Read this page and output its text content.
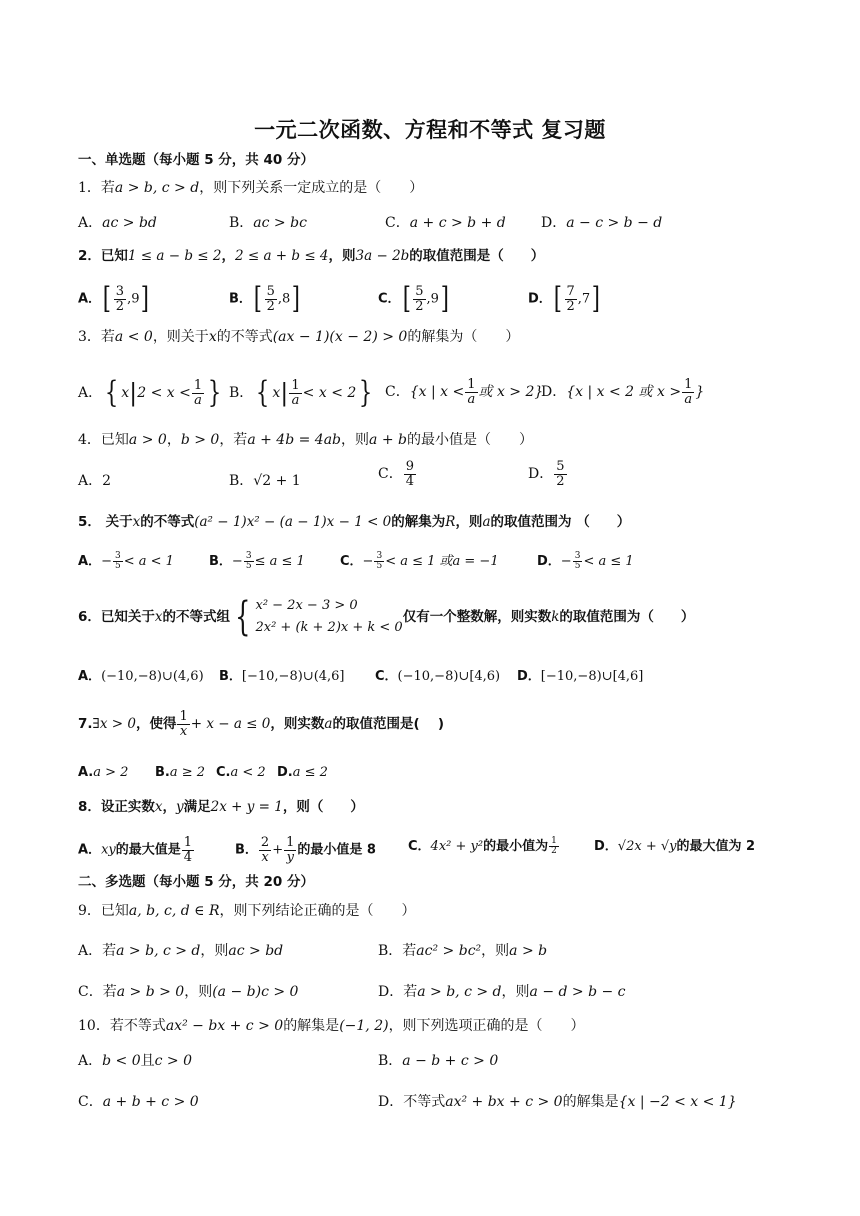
一元二次函数、方程和不等式 复习题
一、单选题（每小题 5 分，共 40 分）
1．若a > b, c > d，则下列关系一定成立的是（　　）
A．ac > bd	B．ac > bc	C．a + c > b + d	D．a − c > b − d
2．已知1 ≤ a − b ≤ 2，2 ≤ a + b ≤ 4，则3a − 2b的取值范围是（　　）
A．[ $\frac{3}{2} ,9$]	B．[ $\frac{5}{2} ,8$]	C．[ $\frac{5}{2} ,9$]	D．[ $\frac{7}{2} ,7$]
3．若a < 0，则关于x的不等式(ax − 1)(x − 2) > 0的解集为（　　）
A．{ $x|2 < x < \frac{1}{a}$ } B．{ $x| \frac{1}{a} < x < 2$} C．{x | $x < \frac{1}{a}$ 或 x > 2}
D．{x | x < 2 或 $x > \frac{1}{a}$ }
4．已知a > 0，b > 0，若a + 4b = 4ab，则a + b的最小值是（　　）
A．2	B．√2 + 1	C． $\frac{9}{4}$	D． $\frac{5}{2}$
5． 关于x的不等式(a² − 1)x² − (a − 1)x − 1 < 0的解集为R，则a的取值范围为 （　　）
A．− $\frac{3}{5} < a < 1$	B．− $\frac{3}{5} \le a \le 1$	C．− $\frac{3}{5} < a \le 1$ 或a = −1	D．− $\frac{3}{5} < a \le 1$
6．已知关于x的不等式组 { x² − 2x − 3 > 0
2x² + (k + 2)x + k < 0
仅有一个整数解，则实数k的取值范围为（　　）
A．(−10,−8)∪(4,6) B．[−10,−8)∪(4,6] C．(−10,−8)∪[4,6) D．[−10,−8)∪[4,6]
7.∃x > 0，使得 $\frac{1}{x} + x - a \le 0$，则实数a的取值范围是(　 )
A.a > 2 B.a ≥ 2 C.a < 2 D.a ≤ 2
8．设正实数x，y满足2x + y = 1，则（　　）
A．xy的最大值是 $\frac{1}{4}$	B． $\frac{2}{x} + \frac{1}{y}$ 的最小值是 8 C．4x² + y²的最小值为 $\frac{1}{2}$	D．√2x + √y的最大值为 2
二、多选题（每小题 5 分，共 20 分）
9．已知a, b, c, d ∈ R，则下列结论正确的是（　　）
A．若a > b, c > d，则ac > bd	B．若ac² > bc²，则a > b
C．若a > b > 0，则(a − b)c > 0	D．若a > b, c > d，则a − d > b − c
10．若不等式ax² − bx + c > 0的解集是(−1, 2)，则下列选项正确的是（　　）
A．b < 0且c > 0	B．a − b + c > 0
C．a + b + c > 0	D．不等式ax² + bx + c > 0的解集是{x | −2 < x < 1}
